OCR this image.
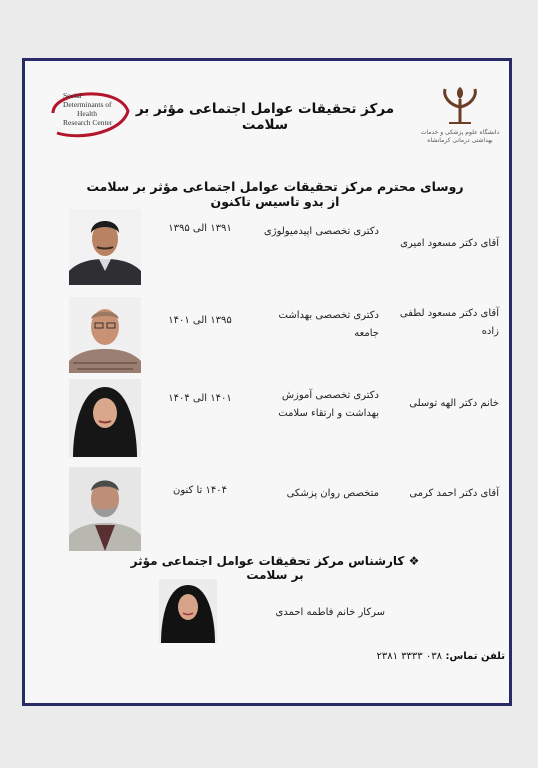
Social
Determinants of
Health
Research Center
دانشگاه علوم پزشکی و خدمات بهداشتی درمانی کرمانشاه
مرکز تحقیقات عوامل اجتماعی مؤثر بر سلامت
روسای محترم مرکز تحقیقات عوامل اجتماعی مؤثر بر سلامت از بدو تاسیس تاکنون
آقای دکتر مسعود امیری
دکتری تخصصی اپیدمیولوژی
۱۳۹۱ الی ۱۳۹۵
آقای دکتر مسعود لطفی زاده
دکتری تخصصی بهداشت جامعه
۱۳۹۵ الی ۱۴۰۱
خانم دکتر الهه توسلی
دکتری تخصصی آموزش بهداشت و ارتقاء سلامت
۱۴۰۱ الی ۱۴۰۴
آقای دکتر احمد کرمی
متخصص روان پزشکی
۱۴۰۴ تا کنون
❖ کارشناس مرکز تحقیقات عوامل اجتماعی مؤثر بر سلامت
سرکار خانم فاطمه احمدی
تلفن تماس: ۰۳۸ ۳۳۳۳ ۲۳۸۱
